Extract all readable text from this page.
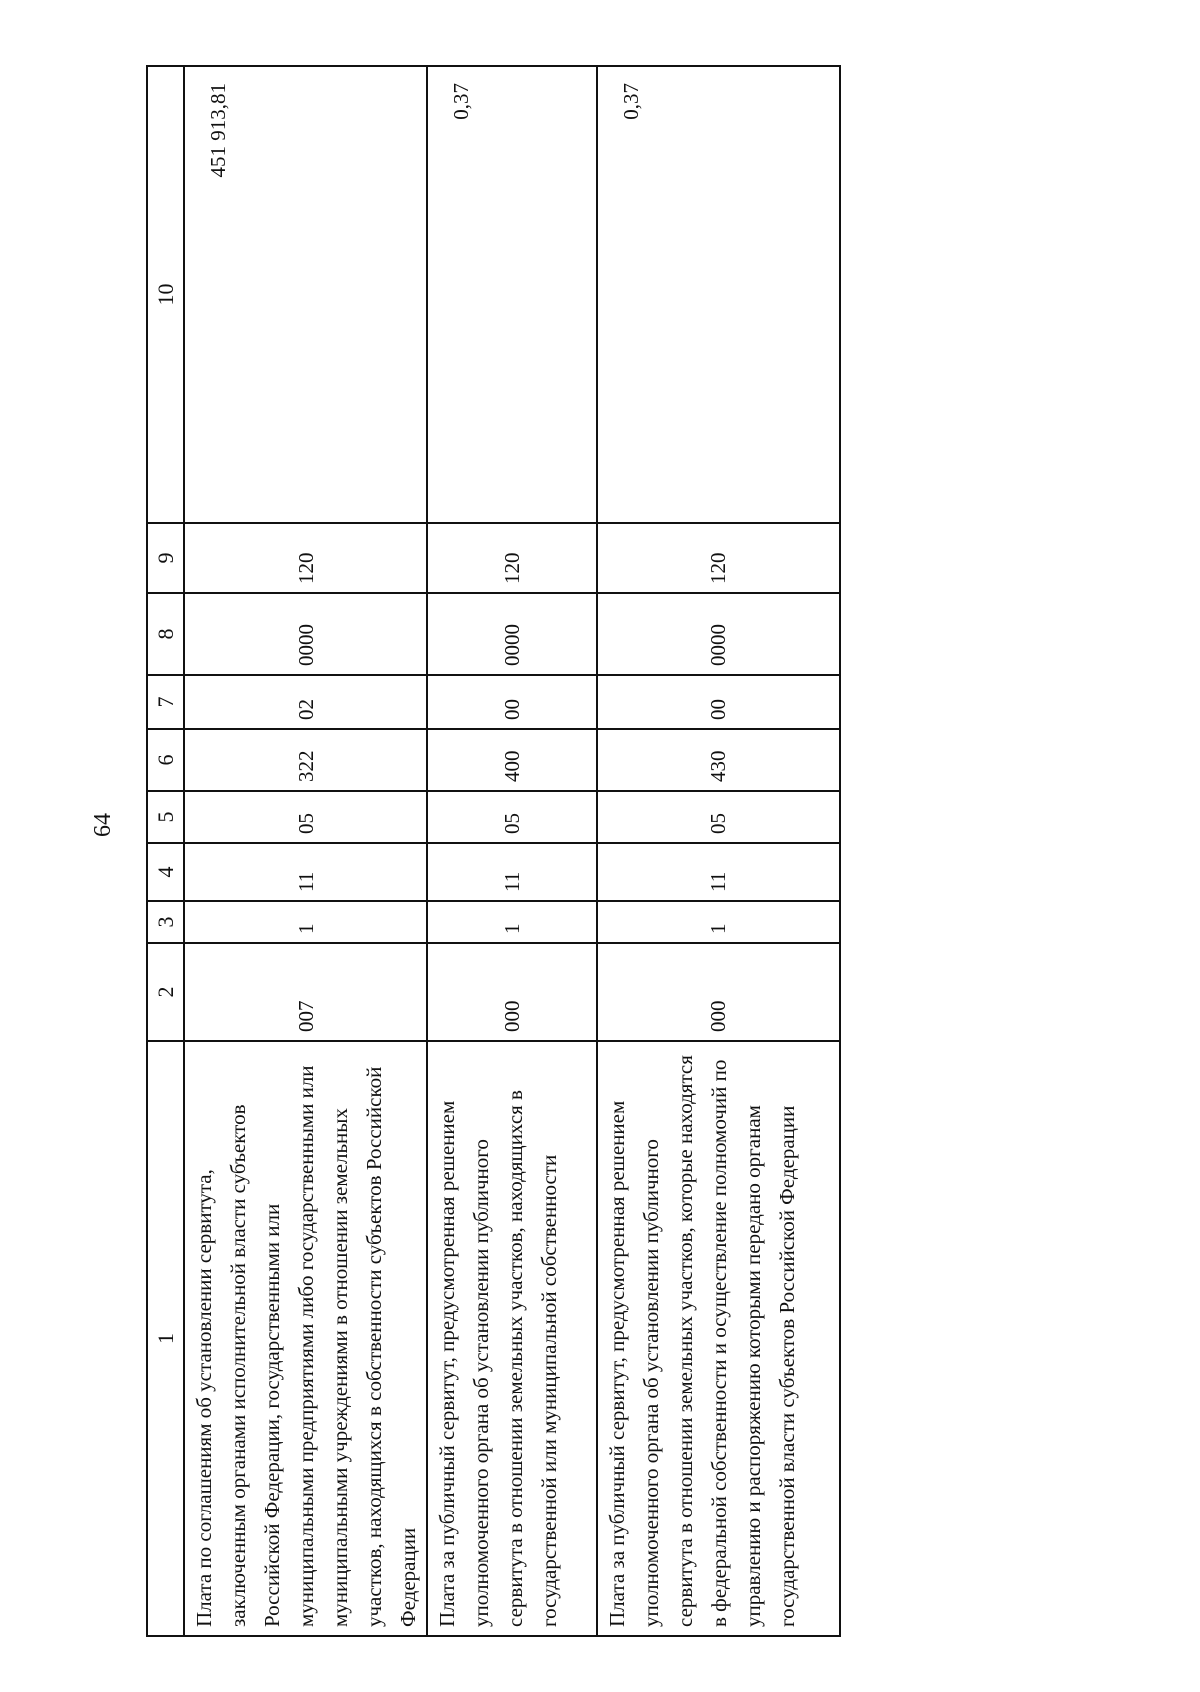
64
1	2	3	4	5	6	7	8	9	10
Плата по соглашениям об установлении сервитута, заключенным органами исполнительной власти субъектов Российской Федерации, государственными или муниципальными предприятиями либо государственными или муниципальными учреждениями в отношении земельных участков, находящихся в собственности субъектов Российской Федерации	007	1	11	05	322	02	0000	120	451 913,81
Плата за публичный сервитут, предусмотренная решением уполномоченного органа об установлении публичного сервитута в отношении земельных участков, находящихся в государственной или муниципальной собственности	000	1	11	05	400	00	0000	120	0,37
Плата за публичный сервитут, предусмотренная решением уполномоченного органа об установлении публичного сервитута в отношении земельных участков, которые находятся в федеральной собственности и осуществление полномочий по управлению и распоряжению которыми передано органам государственной власти субъектов Российской Федерации	000	1	11	05	430	00	0000	120	0,37
